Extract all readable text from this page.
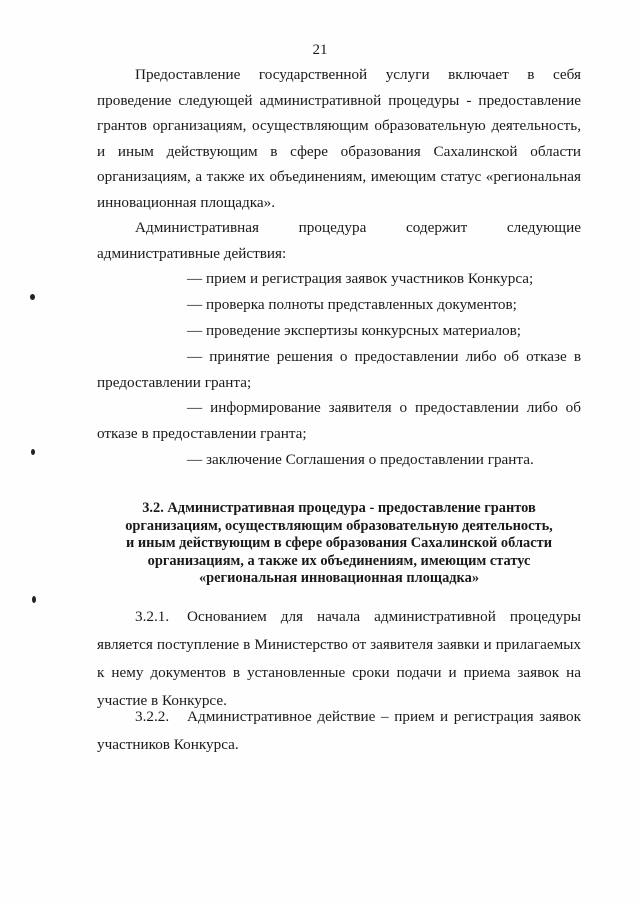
21
Предоставление государственной услуги включает в себя проведение следующей административной процедуры - предоставление грантов организациям, осуществляющим образовательную деятельность, и иным действующим в сфере образования Сахалинской области организациям, а также их объединениям, имеющим статус «региональная инновационная площадка».
Административная процедура содержит следующие административные действия:
— прием и регистрация заявок участников Конкурса;
— проверка полноты представленных документов;
— проведение экспертизы конкурсных материалов;
— принятие решения о предоставлении либо об отказе в
предоставлении гранта;
— информирование заявителя о предоставлении либо об
отказе в предоставлении гранта;
— заключение Соглашения о предоставлении гранта.
3.2. Административная процедура - предоставление грантов
организациям, осуществляющим образовательную деятельность,
и иным действующим в сфере образования Сахалинской области
организациям, а также их объединениям, имеющим статус
«региональная инновационная площадка»
3.2.1. Основанием для начала административной процедуры является поступление в Министерство от заявителя заявки и прилагаемых к нему документов в установленные сроки подачи и приема заявок на участие в Конкурсе.
3.2.2. Административное действие – прием и регистрация заявок участников Конкурса.
